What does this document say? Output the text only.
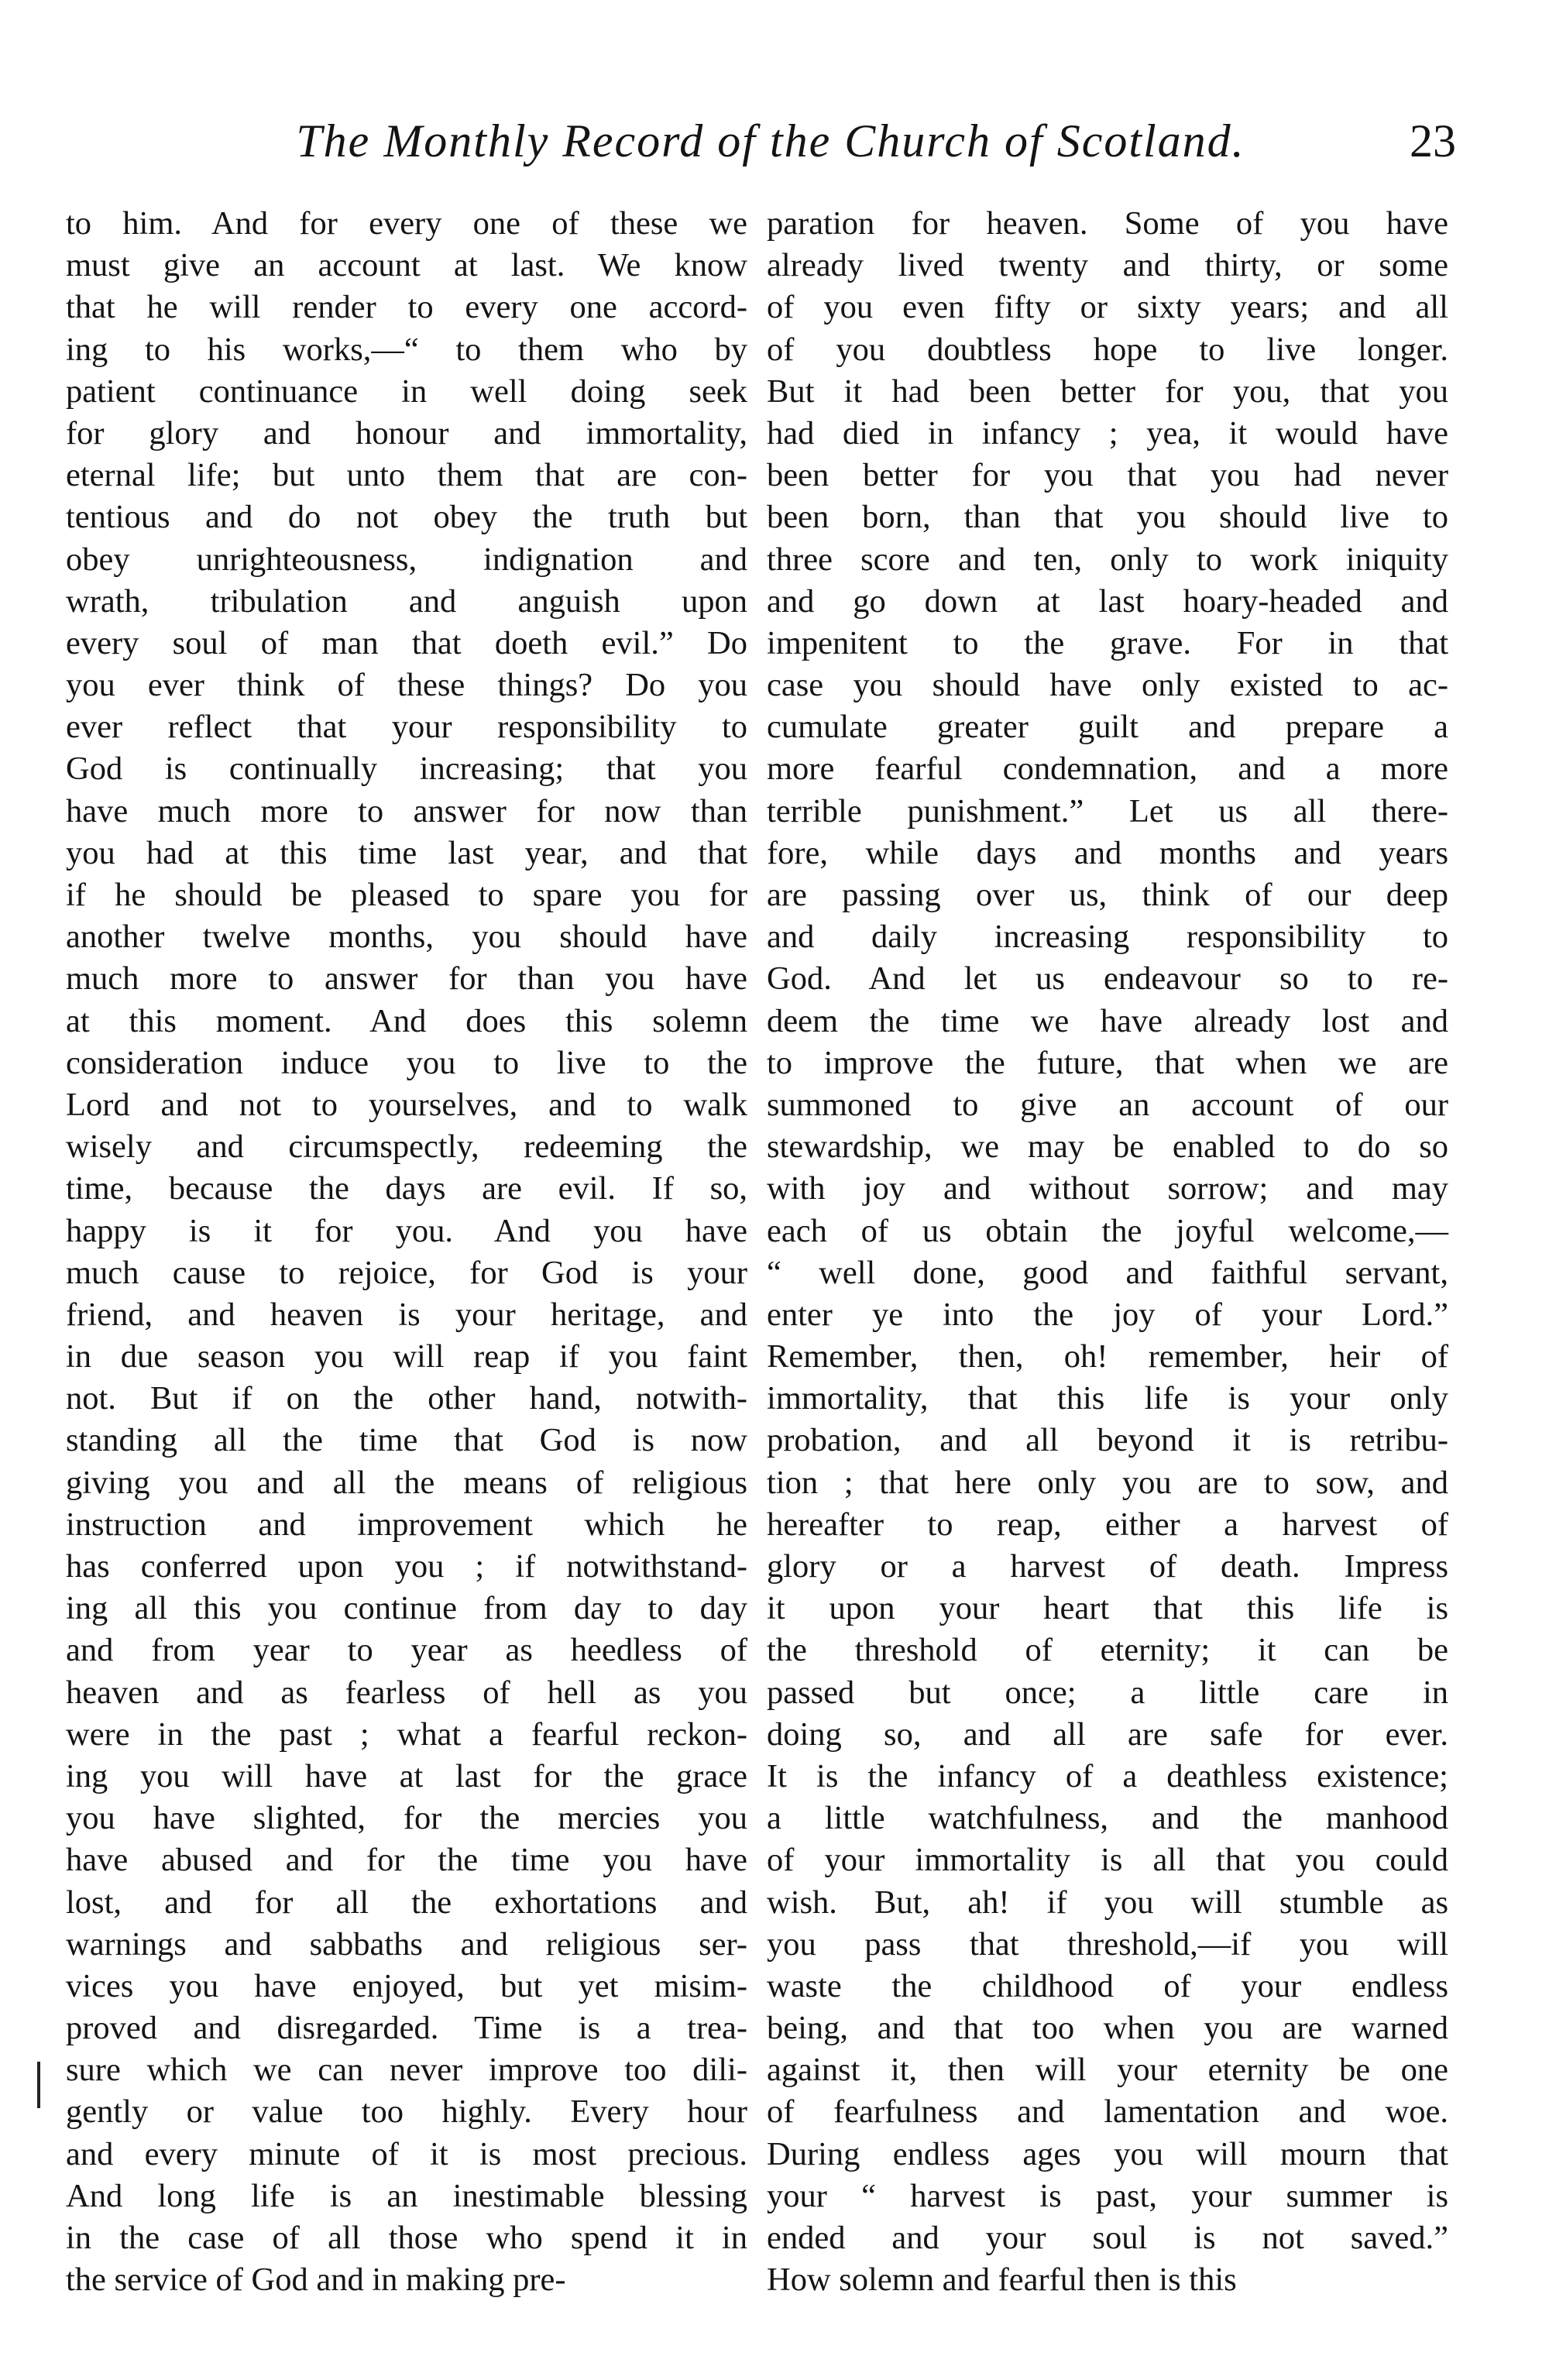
The Monthly Record of the Church of Scotland.	23
to him. And for every one of these we
must give an account at last. We know
that he will render to every one accord-
ing to his works,—“ to them who by
patient continuance in well doing seek
for glory and honour and immortality,
eternal life; but unto them that are con-
tentious and do not obey the truth but
obey unrighteousness, indignation and
wrath, tribulation and anguish upon
every soul of man that doeth evil.” Do
you ever think of these things? Do you
ever reflect that your responsibility to
God is continually increasing; that you
have much more to answer for now than
you had at this time last year, and that
if he should be pleased to spare you for
another twelve months, you should have
much more to answer for than you have
at this moment. And does this solemn
consideration induce you to live to the
Lord and not to yourselves, and to walk
wisely and circumspectly, redeeming the
time, because the days are evil. If so,
happy is it for you. And you have
much cause to rejoice, for God is your
friend, and heaven is your heritage, and
in due season you will reap if you faint
not. But if on the other hand, notwith-
standing all the time that God is now
giving you and all the means of religious
instruction and improvement which he
has conferred upon you ; if notwithstand-
ing all this you continue from day to day
and from year to year as heedless of
heaven and as fearless of hell as you
were in the past ; what a fearful reckon-
ing you will have at last for the grace
you have slighted, for the mercies you
have abused and for the time you have
lost, and for all the exhortations and
warnings and sabbaths and religious ser-
vices you have enjoyed, but yet misim-
proved and disregarded. Time is a trea-
sure which we can never improve too dili-
gently or value too highly. Every hour
and every minute of it is most precious.
And long life is an inestimable blessing
in the case of all those who spend it in
the service of God and in making pre-
paration for heaven. Some of you have
already lived twenty and thirty, or some
of you even fifty or sixty years; and all
of you doubtless hope to live longer.
But it had been better for you, that you
had died in infancy ; yea, it would have
been better for you that you had never
been born, than that you should live to
three score and ten, only to work iniquity
and go down at last hoary-headed and
impenitent to the grave. For in that
case you should have only existed to ac-
cumulate greater guilt and prepare a
more fearful condemnation, and a more
terrible punishment.” Let us all there-
fore, while days and months and years
are passing over us, think of our deep
and daily increasing responsibility to
God. And let us endeavour so to re-
deem the time we have already lost and
to improve the future, that when we are
summoned to give an account of our
stewardship, we may be enabled to do so
with joy and without sorrow; and may
each of us obtain the joyful welcome,—
“ well done, good and faithful servant,
enter ye into the joy of your Lord.”
Remember, then, oh! remember, heir of
immortality, that this life is your only
probation, and all beyond it is retribu-
tion ; that here only you are to sow, and
hereafter to reap, either a harvest of
glory or a harvest of death. Impress
it upon your heart that this life is
the threshold of eternity; it can be
passed but once; a little care in
doing so, and all are safe for ever.
It is the infancy of a deathless existence;
a little watchfulness, and the manhood
of your immortality is all that you could
wish. But, ah! if you will stumble as
you pass that threshold,—if you will
waste the childhood of your endless
being, and that too when you are warned
against it, then will your eternity be one
of fearfulness and lamentation and woe.
During endless ages you will mourn that
your “ harvest is past, your summer is
ended and your soul is not saved.”
How solemn and fearful then is this
